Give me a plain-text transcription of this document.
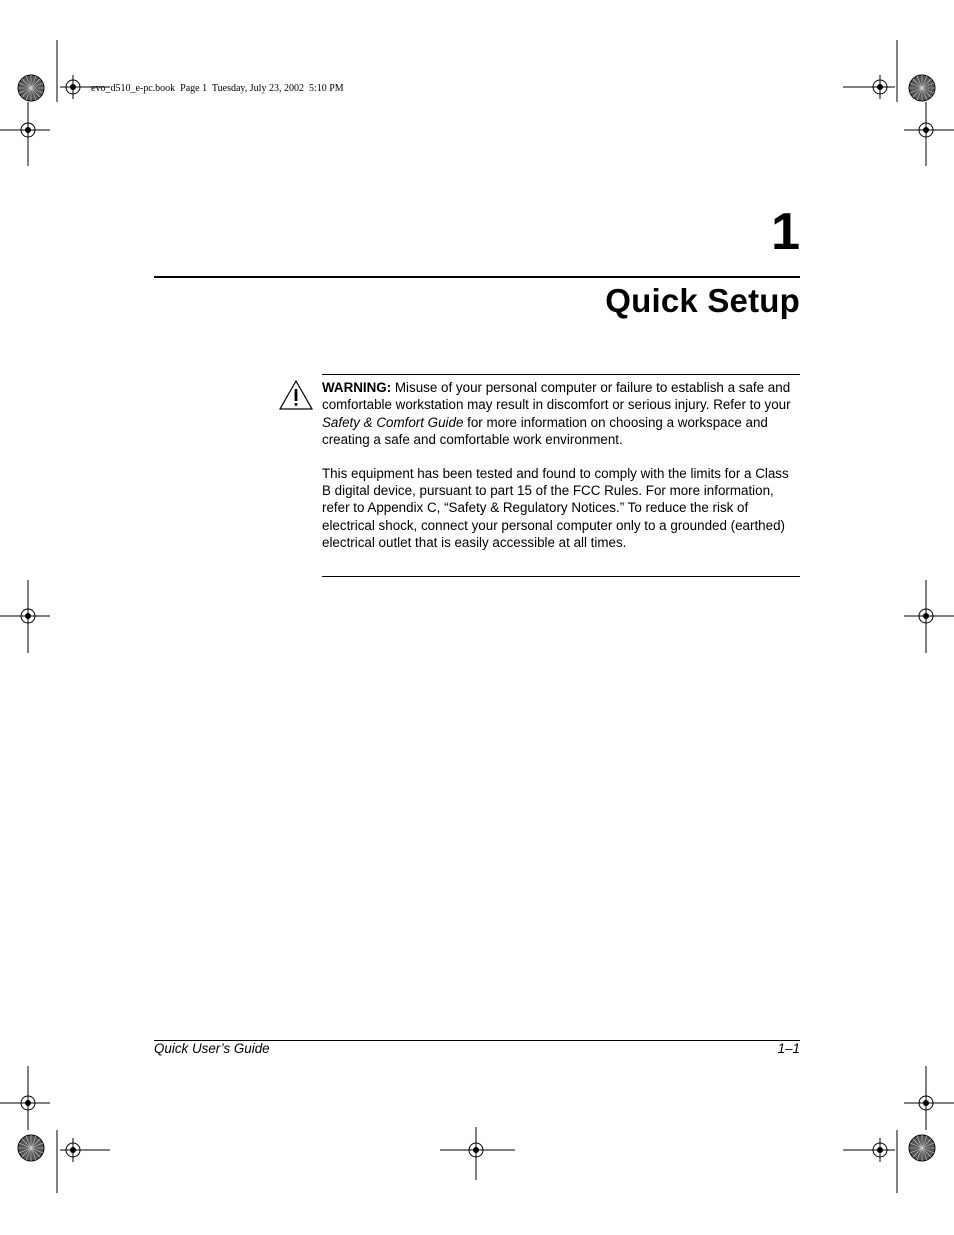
evo_d510_e-pc.book  Page 1  Tuesday, July 23, 2002  5:10 PM
1
Quick Setup

WARNING: Misuse of your personal computer or failure to establish a safe and comfortable workstation may result in discomfort or serious injury. Refer to your Safety & Comfort Guide for more information on choosing a workspace and creating a safe and comfortable work environment.

This equipment has been tested and found to comply with the limits for a Class B digital device, pursuant to part 15 of the FCC Rules. For more information, refer to Appendix C, “Safety & Regulatory Notices.” To reduce the risk of electrical shock, connect your personal computer only to a grounded (earthed) electrical outlet that is easily accessible at all times.

Quick User’s Guide	1–1
